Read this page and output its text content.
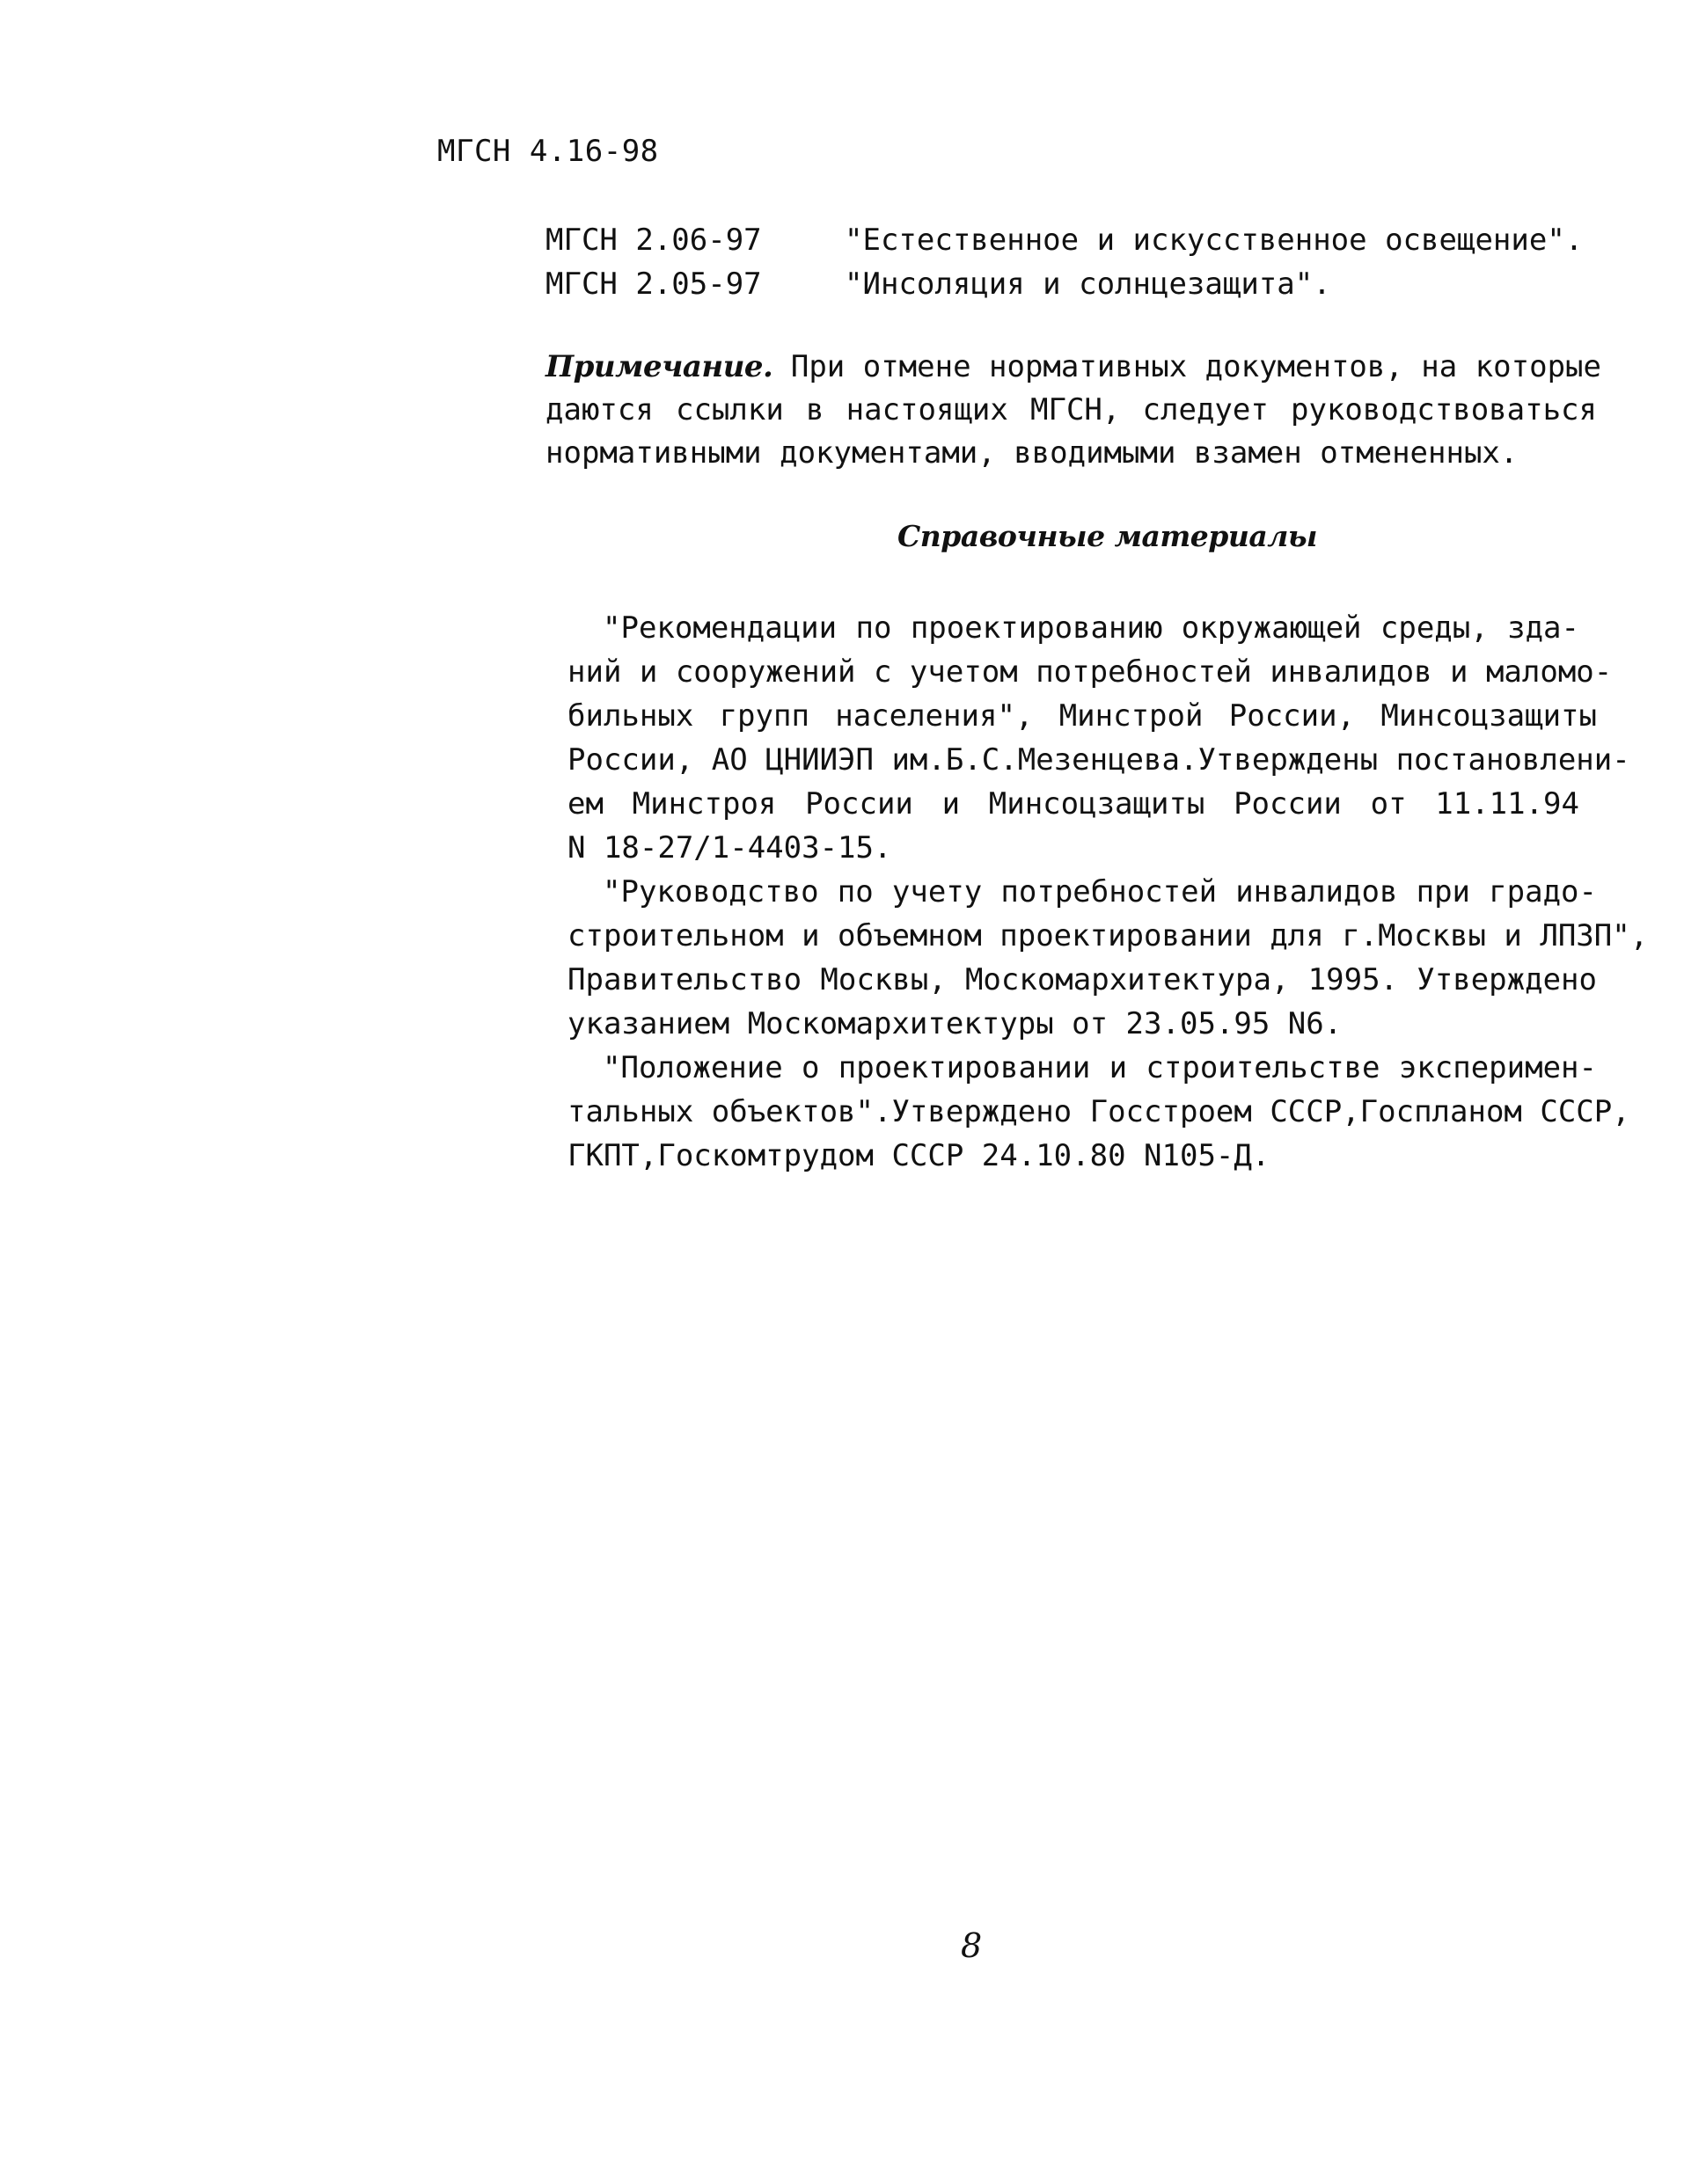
МГСН 4.16-98
МГСН 2.06-97	"Естественное и искусственное освещение".
МГСН 2.05-97	"Инсоляция и солнцезащита".
Примечание. При отмене нормативных документов, на которые
даются ссылки в настоящих МГСН, следует руководствоваться
нормативными документами, вводимыми взамен отмененных.
Справочные материалы
"Рекомендации по проектированию окружающей среды, зда-
ний и сооружений с учетом потребностей инвалидов и маломо-
бильных групп населения", Минстрой России, Минсоцзащиты
России, АО ЦНИИЭП им.Б.С.Мезенцева.Утверждены постановлени-
ем Минстроя России и Минсоцзащиты России от 11.11.94
N 18-27/1-4403-15.
"Руководство по учету потребностей инвалидов при градо-
строительном и объемном проектировании для г.Москвы и ЛПЗП",
Правительство Москвы, Москомархитектура, 1995. Утверждено
указанием Москомархитектуры от 23.05.95 N6.
"Положение о проектировании и строительстве эксперимен-
тальных объектов".Утверждено Госстроем СССР,Госпланом СССР,
ГКПТ,Госкомтрудом СССР 24.10.80 N105-Д.
8
